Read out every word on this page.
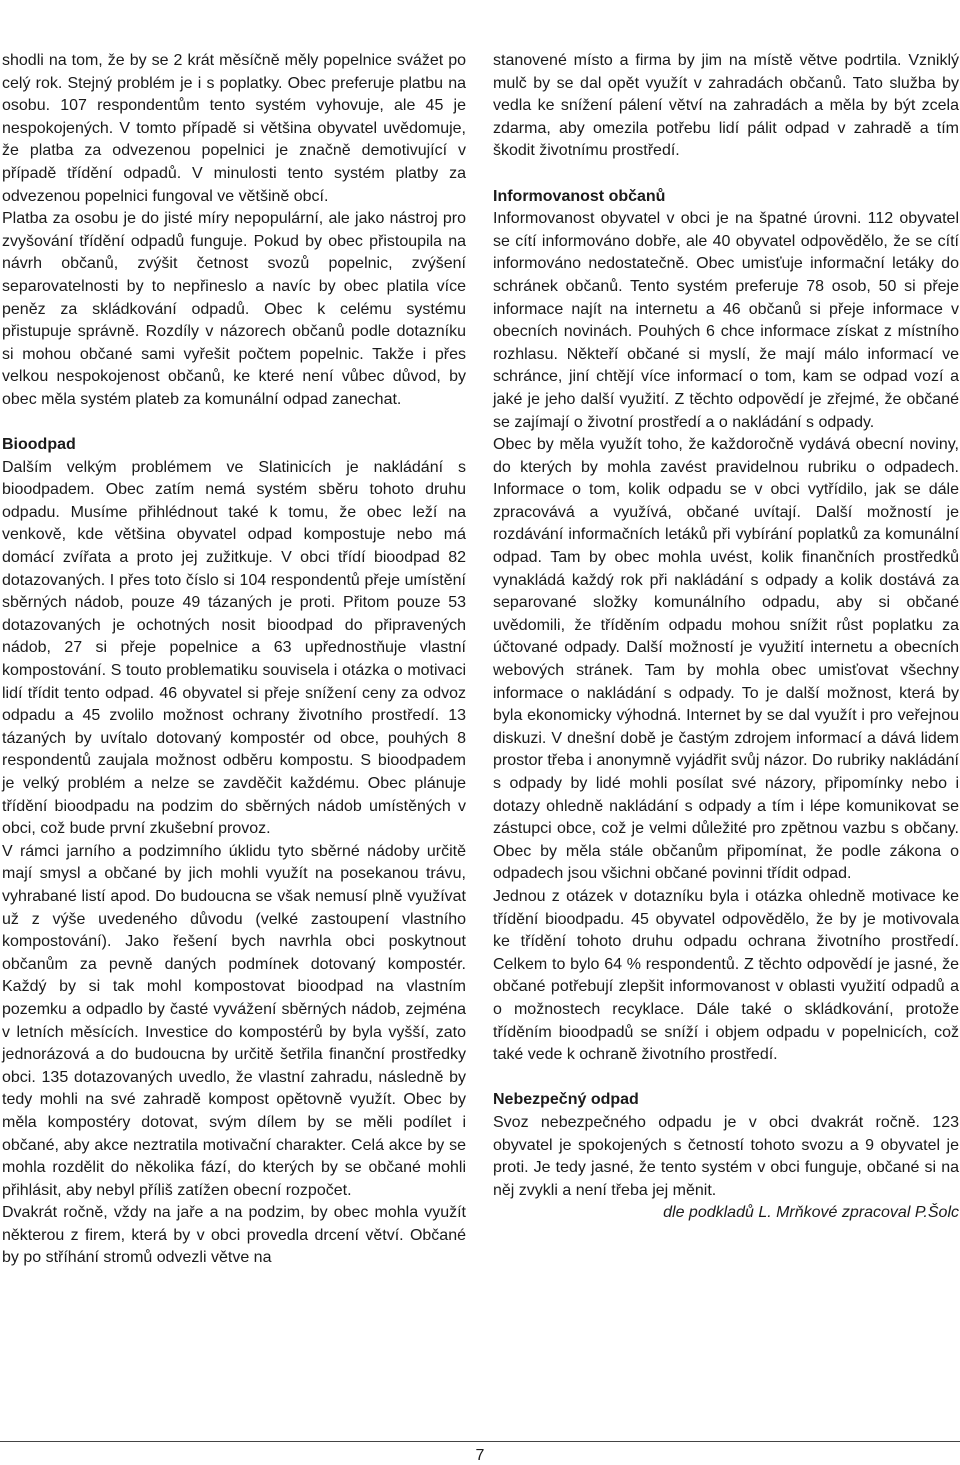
shodli na tom, že by se 2 krát měsíčně měly popelnice svážet po celý rok. Stejný problém je i s poplatky. Obec preferuje platbu na osobu. 107 respondentům tento systém vyhovuje, ale 45 je nespokojených. V tomto případě si většina obyvatel uvědomuje, že platba za odvezenou popelnici je značně demotivující v případě třídění odpadů. V minulosti tento systém platby za odvezenou popelnici fungoval ve většině obcí.

Platba za osobu je do jisté míry nepopulární, ale jako nástroj pro zvyšování třídění odpadů funguje. Pokud by obec přistoupila na návrh občanů, zvýšit četnost svozů popelnic, zvýšení separovatelnosti by to nepřineslo a navíc by obec platila více peněz za skládkování odpadů. Obec k celému systému přistupuje správně. Rozdíly v názorech občanů podle dotazníku si mohou občané sami vyřešit počtem popelnic. Takže i přes velkou nespokojenost občanů, ke které není vůbec důvod, by obec měla systém plateb za komunální odpad zanechat.

Bioodpad

Dalším velkým problémem ve Slatinicích je nakládání s bioodpadem. Obec zatím nemá systém sběru tohoto druhu odpadu. Musíme přihlédnout také k tomu, že obec leží na venkově, kde většina obyvatel odpad kompostuje nebo má domácí zvířata a proto jej zužitkuje. V obci třídí bioodpad 82 dotazovaných. I přes toto číslo si 104 respondentů přeje umístění sběrných nádob, pouze 49 tázaných je proti. Přitom pouze 53 dotazovaných je ochotných nosit bioodpad do připravených nádob, 27 si přeje popelnice a 63 upřednostňuje vlastní kompostování. S touto problematiku souvisela i otázka o motivaci lidí třídit tento odpad. 46 obyvatel si přeje snížení ceny za odvoz odpadu a 45 zvolilo možnost ochrany životního prostředí. 13 tázaných by uvítalo dotovaný kompostér od obce, pouhých 8 respondentů zaujala možnost odběru kompostu. S bioodpadem je velký problém a nelze se zavděčit každému. Obec plánuje třídění bioodpadu na podzim do sběrných nádob umístěných v obci, což bude první zkušební provoz.

V rámci jarního a podzimního úklidu tyto sběrné nádoby určitě mají smysl a občané by jich mohli využít na posekanou trávu, vyhrabané listí apod. Do budoucna se však nemusí plně využívat už z výše uvedeného důvodu (velké zastoupení vlastního kompostování). Jako řešení bych navrhla obci poskytnout občanům za pevně daných podmínek dotovaný kompostér. Každý by si tak mohl kompostovat bioodpad na vlastním pozemku a odpadlo by časté vyvážení sběrných nádob, zejména v letních měsících. Investice do kompostérů by byla vyšší, zato jednorázová a do budoucna by určitě šetřila finanční prostředky obci. 135 dotazovaných uvedlo, že vlastní zahradu, následně by tedy mohli na své zahradě kompost opětovně využít. Obec by měla kompostéry dotovat, svým dílem by se měli podílet i občané, aby akce neztratila motivační charakter. Celá akce by se mohla rozdělit do několika fází, do kterých by se občané mohli přihlásit, aby nebyl příliš zatížen obecní rozpočet.

Dvakrát ročně, vždy na jaře a na podzim, by obec mohla využít některou z firem, která by v obci provedla drcení větví. Občané by po stříhání stromů odvezli větve na

stanovené místo a firma by jim na místě větve podrtila. Vzniklý mulč by se dal opět využít v zahradách občanů. Tato služba by vedla ke snížení pálení větví na zahradách a měla by být zcela zdarma, aby omezila potřebu lidí pálit odpad v zahradě a tím škodit životnímu prostředí.

Informovanost občanů

Informovanost obyvatel v obci je na špatné úrovni. 112 obyvatel se cítí informováno dobře, ale 40 obyvatel odpovědělo, že se cítí informováno nedostatečně. Obec umisťuje informační letáky do schránek občanů. Tento systém preferuje 78 osob, 50 si přeje informace najít na internetu a 46 občanů si přeje informace v obecních novinách. Pouhých 6 chce informace získat z místního rozhlasu. Někteří občané si myslí, že mají málo informací ve schránce, jiní chtějí více informací o tom, kam se odpad vozí a jaké je jeho další využití. Z těchto odpovědí je zřejmé, že občané se zajímají o životní prostředí a o nakládání s odpady.

Obec by měla využít toho, že každoročně vydává obecní noviny, do kterých by mohla zavést pravidelnou rubriku o odpadech. Informace o tom, kolik odpadu se v obci vytřídilo, jak se dále zpracovává a využívá, občané uvítají. Další možností je rozdávání informačních letáků při vybírání poplatků za komunální odpad. Tam by obec mohla uvést, kolik finančních prostředků vynakládá každý rok při nakládání s odpady a kolik dostává za separované složky komunálního odpadu, aby si občané uvědomili, že tříděním odpadu mohou snížit růst poplatku za účtované odpady. Další možností je využití internetu a obecních webových stránek. Tam by mohla obec umisťovat všechny informace o nakládání s odpady. To je další možnost, která by byla ekonomicky výhodná. Internet by se dal využít i pro veřejnou diskuzi. V dnešní době je častým zdrojem informací a dává lidem prostor třeba i anonymně vyjádřit svůj názor. Do rubriky nakládání s odpady by lidé mohli posílat své názory, připomínky nebo i dotazy ohledně nakládání s odpady a tím i lépe komunikovat se zástupci obce, což je velmi důležité pro zpětnou vazbu s občany. Obec by měla stále občanům připomínat, že podle zákona o odpadech jsou všichni občané povinni třídit odpad.

Jednou z otázek v dotazníku byla i otázka ohledně motivace ke třídění bioodpadu. 45 obyvatel odpovědělo, že by je motivovala ke třídění tohoto druhu odpadu ochrana životního prostředí. Celkem to bylo 64 % respondentů. Z těchto odpovědí je jasné, že občané potřebují zlepšit informovanost v oblasti využití odpadů a o možnostech recyklace. Dále také o skládkování, protože tříděním bioodpadů se sníží i objem odpadu v popelnicích, což také vede k ochraně životního prostředí.

Nebezpečný odpad

Svoz nebezpečného odpadu je v obci dvakrát ročně. 123 obyvatel je spokojených s četností tohoto svozu a 9 obyvatel je proti. Je tedy jasné, že tento systém v obci funguje, občané si na něj zvykli a není třeba jej měnit.

dle podkladů L. Mrňkové zpracoval P.Šolc

7
